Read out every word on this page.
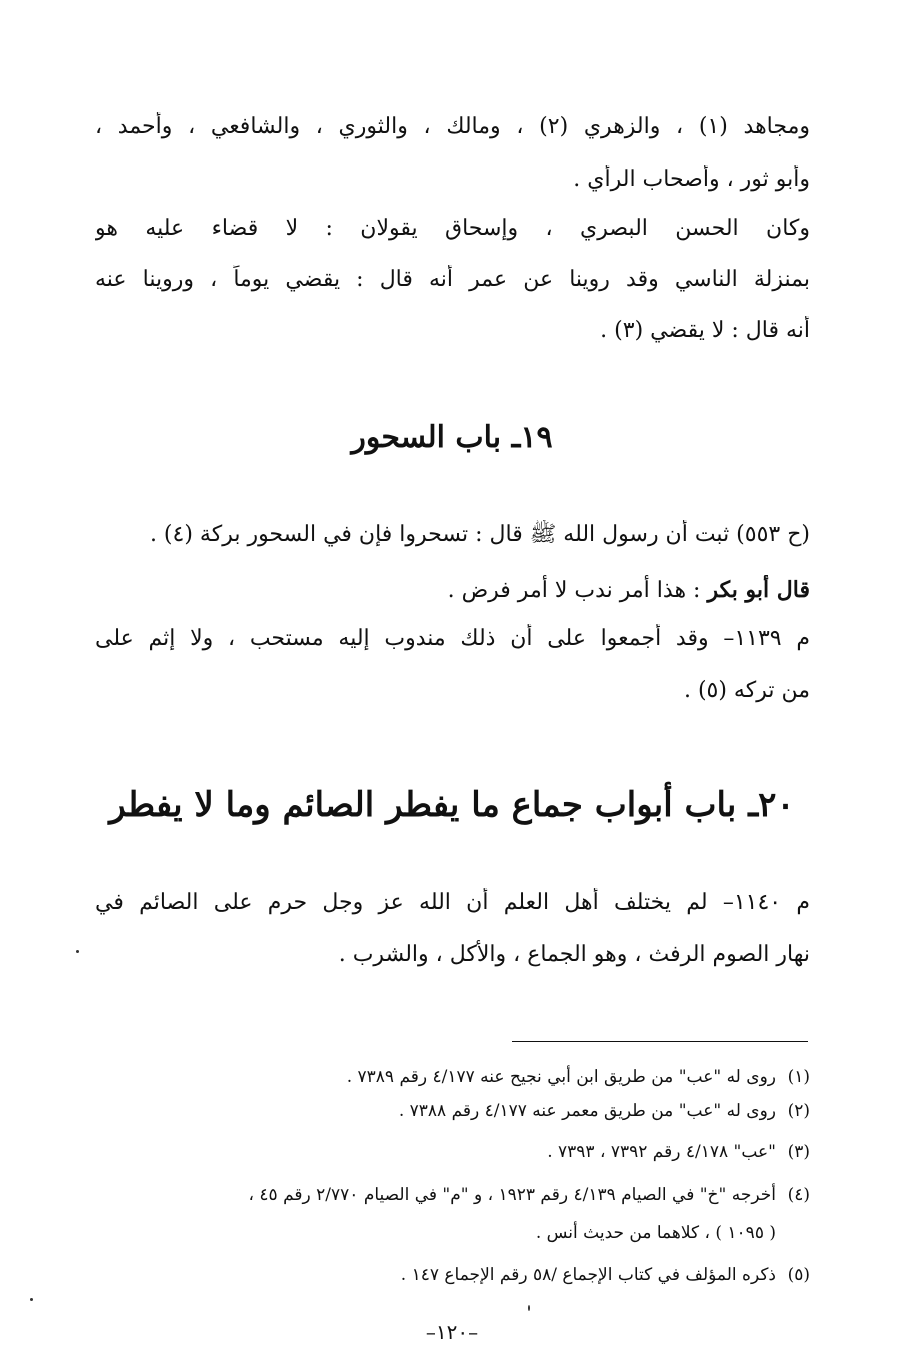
ومجاهد (١) ، والزهري (٢) ، ومالك ، والثوري ، والشافعي ، وأحمد ،
وأبو ثور ، وأصحاب الرأي .
وكان الحسن البصري ، وإسحاق يقولان : لا قضاء عليه هو
بمنزلة الناسي وقد روينا عن عمر أنه قال : يقضي يوماً ، وروينا عنه
أنه قال : لا يقضي (٣) .
١٩ـ باب السحور
(ح ٥٥٣) ثبت أن رسول الله ﷺ قال : تسحروا فإن في السحور بركة (٤) .
قال أبو بكر : هذا أمر ندب لا أمر فرض .
م ١١٣٩– وقد أجمعوا على أن ذلك مندوب إليه مستحب ، ولا إثم على
من تركه (٥) .
٢٠ـ باب أبواب جماع ما يفطر الصائم وما لا يفطر
م ١١٤٠– لم يختلف أهل العلم أن الله عز وجل حرم على الصائم في
نهار الصوم الرفث ، وهو الجماع ، والأكل ، والشرب .
(١)روى له "عب" من طريق ابن أبي نجيح عنه ٤/١٧٧ رقم ٧٣٨٩ .
(٢)روى له "عب" من طريق معمر عنه ٤/١٧٧ رقم ٧٣٨٨ .
(٣)"عب" ٤/١٧٨ رقم ٧٣٩٢ ، ٧٣٩٣ .
(٤)أخرجه "خ" في الصيام ٤/١٣٩ رقم ١٩٢٣ ، و "م" في الصيام ٢/٧٧٠ رقم ٤٥ ،
( ١٠٩٥ ) ، كلاهما من حديث أنس .
(٥)ذكره المؤلف في كتاب الإجماع /٥٨ رقم الإجماع ١٤٧ .
–١٢٠–
